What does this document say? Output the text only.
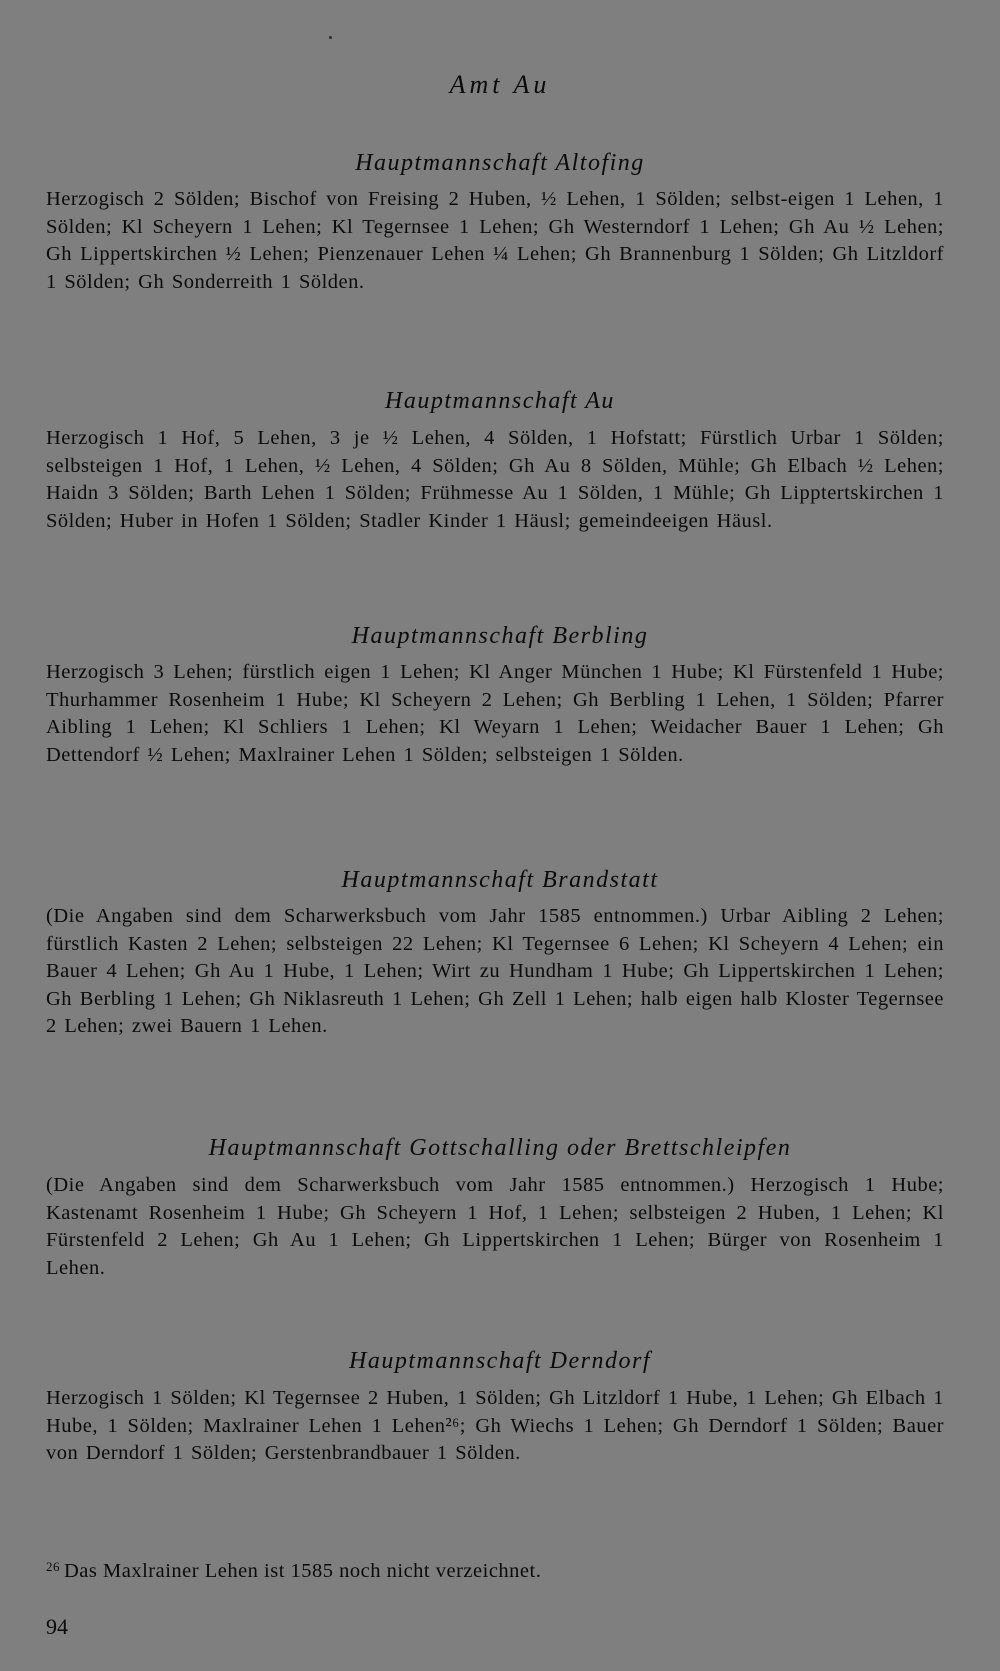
Amt Au
Hauptmannschaft Altofing
Herzogisch 2 Sölden; Bischof von Freising 2 Huben, ½ Lehen, 1 Sölden; selbst-eigen 1 Lehen, 1 Sölden; Kl Scheyern 1 Lehen; Kl Tegernsee 1 Lehen; Gh Westerndorf 1 Lehen; Gh Au ½ Lehen; Gh Lippertskirchen ½ Lehen; Pienzenauer Lehen ¼ Lehen; Gh Brannenburg 1 Sölden; Gh Litzldorf 1 Sölden; Gh Sonderreith 1 Sölden.
Hauptmannschaft Au
Herzogisch 1 Hof, 5 Lehen, 3 je ½ Lehen, 4 Sölden, 1 Hofstatt; Fürstlich Urbar 1 Sölden; selbsteigen 1 Hof, 1 Lehen, ½ Lehen, 4 Sölden; Gh Au 8 Sölden, Mühle; Gh Elbach ½ Lehen; Haidn 3 Sölden; Barth Lehen 1 Sölden; Frühmesse Au 1 Sölden, 1 Mühle; Gh Lipptertskirchen 1 Sölden; Huber in Hofen 1 Sölden; Stadler Kinder 1 Häusl; gemeindeeigen Häusl.
Hauptmannschaft Berbling
Herzogisch 3 Lehen; fürstlich eigen 1 Lehen; Kl Anger München 1 Hube; Kl Fürstenfeld 1 Hube; Thurhammer Rosenheim 1 Hube; Kl Scheyern 2 Lehen; Gh Berbling 1 Lehen, 1 Sölden; Pfarrer Aibling 1 Lehen; Kl Schliers 1 Lehen; Kl Weyarn 1 Lehen; Weidacher Bauer 1 Lehen; Gh Dettendorf ½ Lehen; Maxlrainer Lehen 1 Sölden; selbsteigen 1 Sölden.
Hauptmannschaft Brandstatt
(Die Angaben sind dem Scharwerksbuch vom Jahr 1585 entnommen.) Urbar Aibling 2 Lehen; fürstlich Kasten 2 Lehen; selbsteigen 22 Lehen; Kl Tegernsee 6 Lehen; Kl Scheyern 4 Lehen; ein Bauer 4 Lehen; Gh Au 1 Hube, 1 Lehen; Wirt zu Hundham 1 Hube; Gh Lippertskirchen 1 Lehen; Gh Berbling 1 Lehen; Gh Niklasreuth 1 Lehen; Gh Zell 1 Lehen; halb eigen halb Kloster Tegernsee 2 Lehen; zwei Bauern 1 Lehen.
Hauptmannschaft Gottschalling oder Brettschleipfen
(Die Angaben sind dem Scharwerksbuch vom Jahr 1585 entnommen.) Herzogisch 1 Hube; Kastenamt Rosenheim 1 Hube; Gh Scheyern 1 Hof, 1 Lehen; selbsteigen 2 Huben, 1 Lehen; Kl Fürstenfeld 2 Lehen; Gh Au 1 Lehen; Gh Lippertskirchen 1 Lehen; Bürger von Rosenheim 1 Lehen.
Hauptmannschaft Derndorf
Herzogisch 1 Sölden; Kl Tegernsee 2 Huben, 1 Sölden; Gh Litzldorf 1 Hube, 1 Lehen; Gh Elbach 1 Hube, 1 Sölden; Maxlrainer Lehen 1 Lehen²⁶; Gh Wiechs 1 Lehen; Gh Derndorf 1 Sölden; Bauer von Derndorf 1 Sölden; Gerstenbrandbauer 1 Sölden.
$^{26}$ Das Maxlrainer Lehen ist 1585 noch nicht verzeichnet.
94
